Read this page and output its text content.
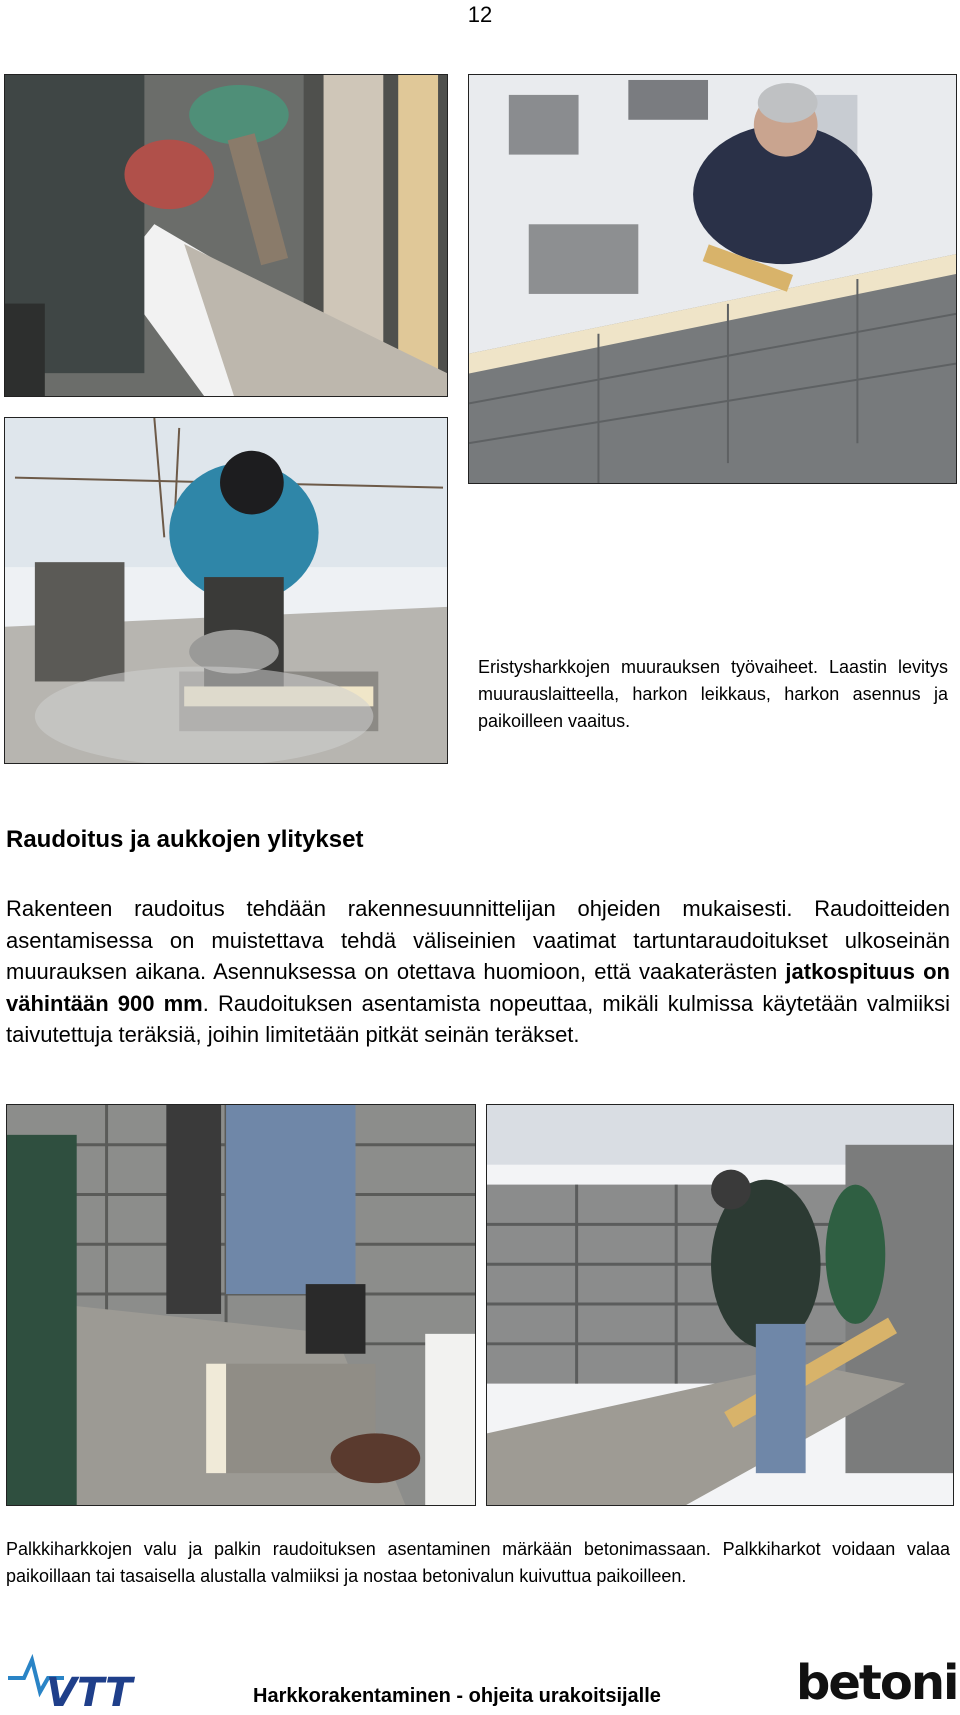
12
Eristysharkkojen muurauksen työvaiheet. Laastin levitys muurauslaitteella, harkon leikkaus, harkon asennus ja paikoilleen vaaitus.
Raudoitus ja aukkojen ylitykset
Rakenteen raudoitus tehdään rakennesuunnittelijan ohjeiden mukaisesti. Raudoitteiden asentamisessa on muistettava tehdä väliseinien vaatimat tartuntaraudoitukset ulkoseinän muurauksen aikana. Asennuksessa on otettava huomioon, että vaakaterästen jatkospituus on vähintään 900 mm. Raudoituksen asentamista nopeuttaa, mikäli kulmissa käytetään valmiiksi taivutettuja teräksiä, joihin limitetään pitkät seinän teräkset.
Palkkiharkkojen valu ja palkin raudoituksen asentaminen märkään betonimassaan. Palkkiharkot voidaan valaa paikoillaan tai tasaisella alustalla valmiiksi ja nostaa betonivalun kuivuttua paikoilleen.
VTT	Harkkorakentaminen - ohjeita urakoitsijalle	betoni
